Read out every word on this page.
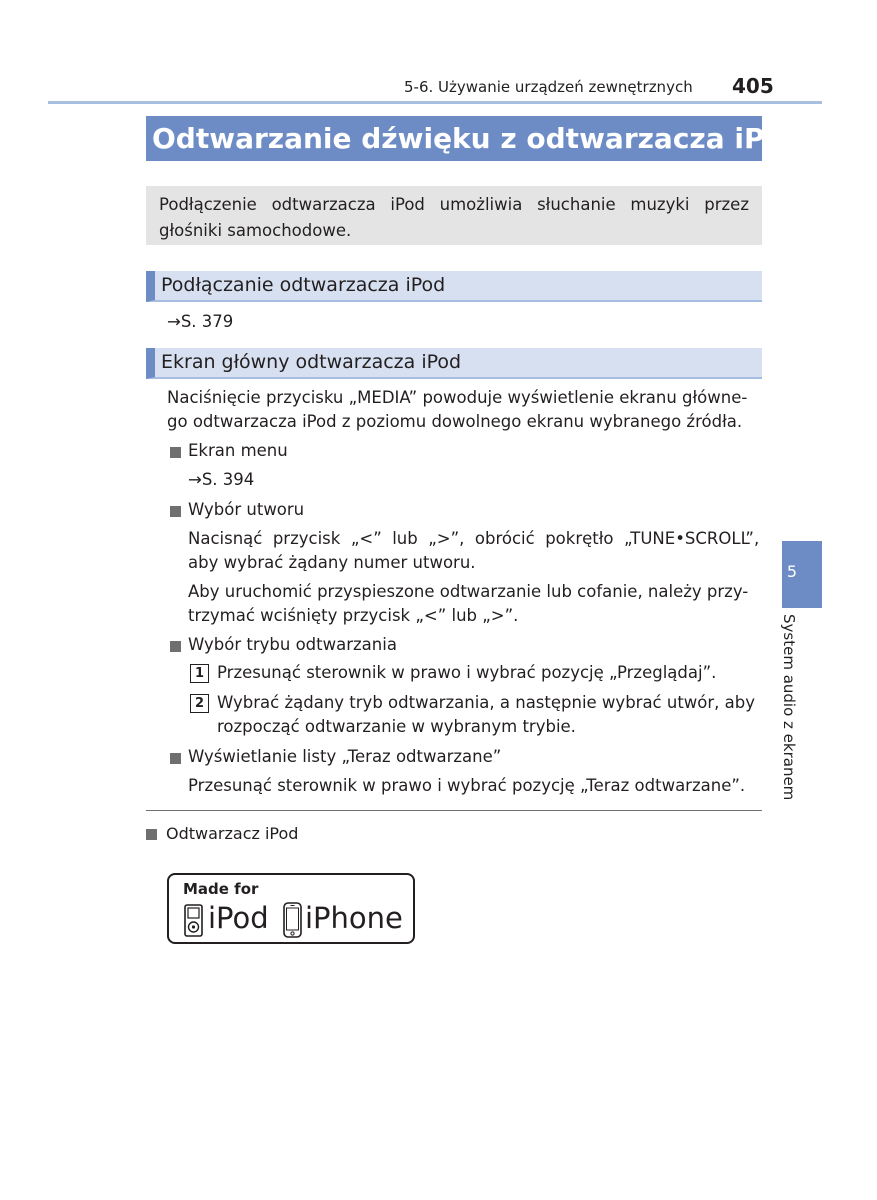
5-6. Używanie urządzeń zewnętrznych 405
Odtwarzanie dźwięku z odtwarzacza iPod
Podłączenie odtwarzacza iPod umożliwia słuchanie muzyki przez głośniki samochodowe.
Podłączanie odtwarzacza iPod
→S. 379
Ekran główny odtwarzacza iPod
Naciśnięcie przycisku „MEDIA” powoduje wyświetlenie ekranu główne-
go odtwarzacza iPod z poziomu dowolnego ekranu wybranego źródła.
Ekran menu
→S. 394
Wybór utworu
Nacisnąć  przycisk  „<”  lub  „>”,  obrócić  pokrętło  „TUNE•SCROLL”,
aby wybrać żądany numer utworu.
Aby uruchomić przyspieszone odtwarzanie lub cofanie, należy przy-
trzymać wciśnięty przycisk „<” lub „>”.
Wybór trybu odtwarzania
1 Przesunąć sterownik w prawo i wybrać pozycję „Przeglądaj”.
2 Wybrać żądany tryb odtwarzania, a następnie wybrać utwór, aby
rozpocząć odtwarzanie w wybranym trybie.
Wyświetlanie listy „Teraz odtwarzane”
Przesunąć sterownik w prawo i wybrać pozycję „Teraz odtwarzane”.
Odtwarzacz iPod
Made for
iPod iPhone
5
System audio z ekranem
